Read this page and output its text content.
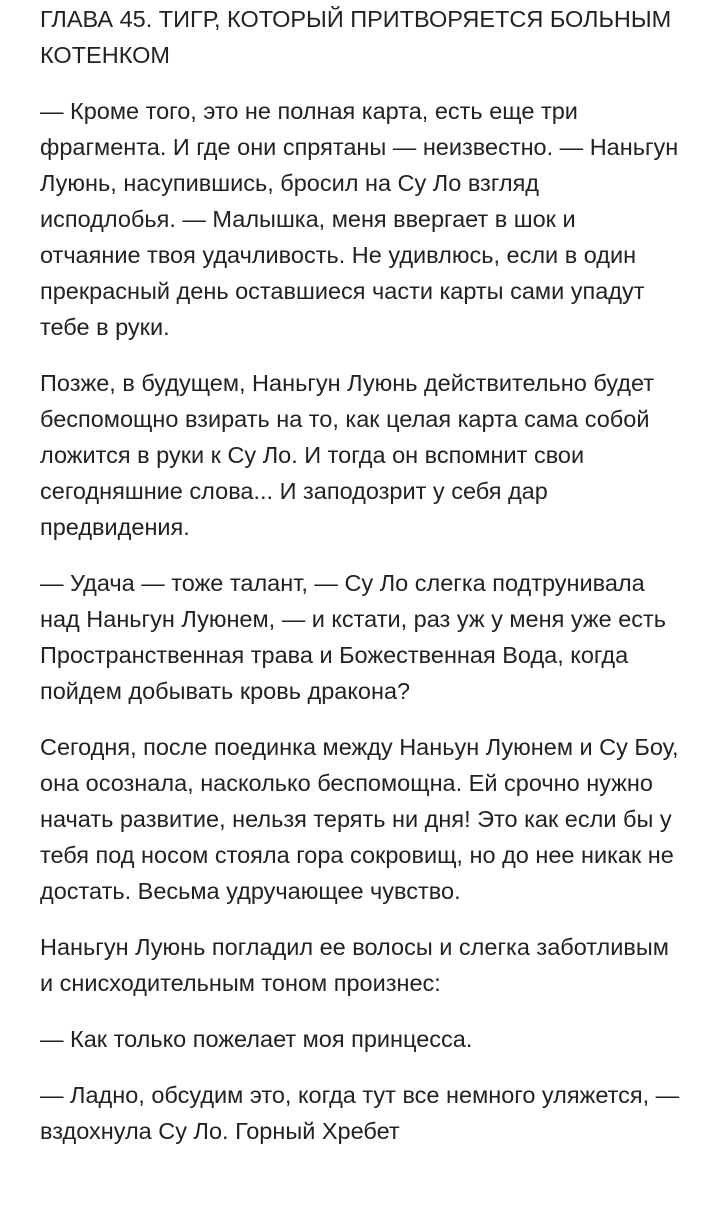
ГЛАВА 45. ТИГР, КОТОРЫЙ ПРИТВОРЯЕТСЯ БОЛЬНЫМ КОТЕНКОМ

— Кроме того, это не полная карта, есть еще три фрагмента. И где они спрятаны — неизвестно. — Наньгун Луюнь, насупившись, бросил на Су Ло взгляд исподлобья. — Малышка, меня ввергает в шок и отчаяние твоя удачливость. Не удивлюсь, если в один прекрасный день оставшиеся части карты сами упадут тебе в руки.

Позже, в будущем, Наньгун Луюнь действительно будет беспомощно взирать на то, как целая карта сама собой ложится в руки к Су Ло. И тогда он вспомнит свои сегодняшние слова... И заподозрит у себя дар предвидения.

— Удача — тоже талант, — Су Ло слегка подтрунивала над Наньгун Луюнем, — и кстати, раз уж у меня уже есть Пространственная трава и Божественная Вода, когда пойдем добывать кровь дракона?

Сегодня, после поединка между Наньун Луюнем и Су Боу, она осознала, насколько беспомощна. Ей срочно нужно начать развитие, нельзя терять ни дня! Это как если бы у тебя под носом стояла гора сокровищ, но до нее никак не достать. Весьма удручающее чувство.

Наньгун Луюнь погладил ее волосы и слегка заботливым и снисходительным тоном произнес:

— Как только пожелает моя принцесса.

— Ладно, обсудим это, когда тут все немного уляжется, — вздохнула Су Ло. Горный Хребет
